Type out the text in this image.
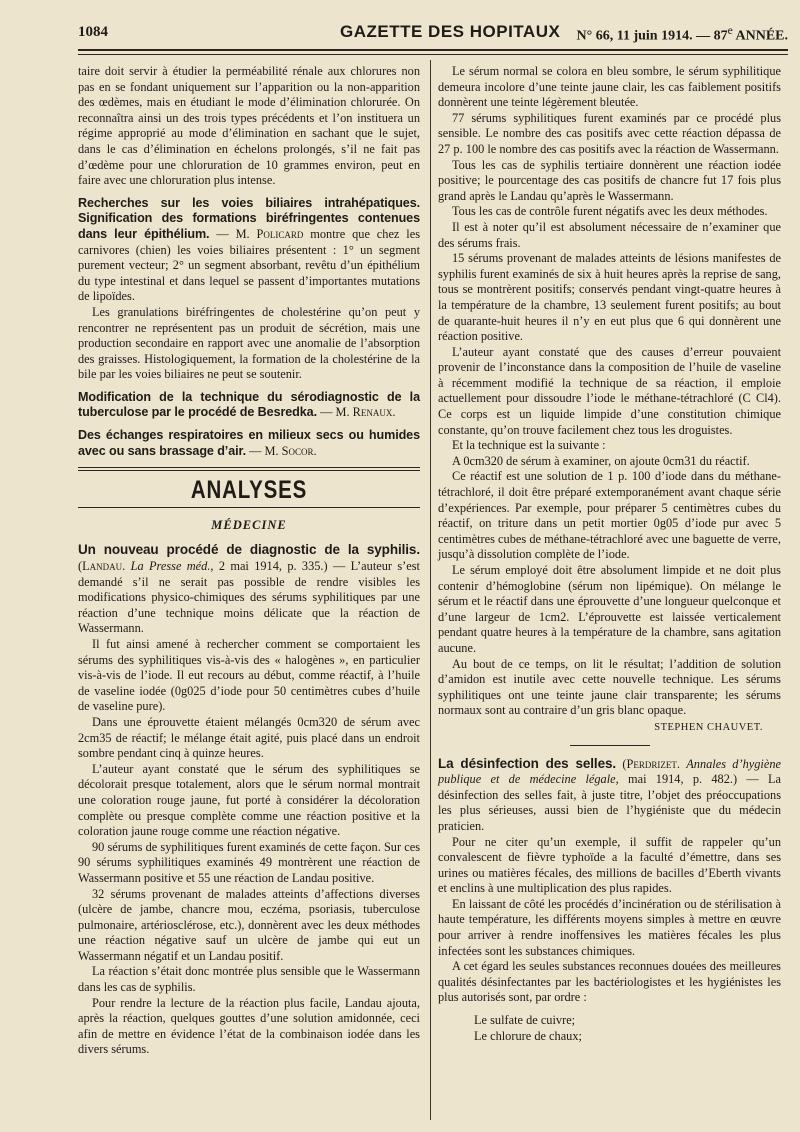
1084	GAZETTE DES HOPITAUX N° 66, 11 juin 1914. — 87e ANNÉE.

taire doit servir à étudier la perméabilité rénale aux chlorures non pas en se fondant uniquement sur l’apparition ou la non-apparition des œdèmes, mais en étudiant le mode d’élimination chlorurée. On reconnaîtra ainsi un des trois types précédents et l’on instituera un régime approprié au mode d’élimination en sachant que le sujet, dans le cas d’élimination en échelons prolongés, s’il ne fait pas d’œdème pour une chloruration de 10 grammes environ, peut en faire avec une chloruration plus intense.

Recherches sur les voies biliaires intrahépatiques. Signification des formations biréfringentes contenues dans leur épithélium. — M. Policard montre que chez les carnivores (chien) les voies biliaires présentent : 1° un segment purement vecteur; 2° un segment absorbant, revêtu d’un épithélium du type intestinal et dans lequel se passent d’importantes mutations de lipoïdes.

Les granulations biréfringentes de cholestérine qu’on peut y rencontrer ne représentent pas un produit de sécrétion, mais une production secondaire en rapport avec une anomalie de l’absorption des graisses. Histologiquement, la formation de la cholestérine de la bile par les voies biliaires ne peut se soutenir.

Modification de la technique du sérodiagnostic de la tuberculose par le procédé de Besredka. — M. Renaux.

Des échanges respiratoires en milieux secs ou humides avec ou sans brassage d’air. — M. Socor.

ANALYSES
MÉDECINE

Un nouveau procédé de diagnostic de la syphilis. (Landau. La Presse méd., 2 mai 1914, p. 335.) — L’auteur s’est demandé s’il ne serait pas possible de rendre visibles les modifications physico-chimiques des sérums syphilitiques par une réaction d’une technique moins délicate que la réaction de Wassermann.

Il fut ainsi amené à rechercher comment se comportaient les sérums des syphilitiques vis-à-vis des « halogènes », en particulier vis-à-vis de l’iode. Il eut recours au début, comme réactif, à l’huile de vaseline iodée (0g025 d’iode pour 50 centimètres cubes d’huile de vaseline pure).

Dans une éprouvette étaient mélangés 0cm320 de sérum avec 2cm35 de réactif; le mélange était agité, puis placé dans un endroit sombre pendant cinq à quinze heures.

L’auteur ayant constaté que le sérum des syphilitiques se décolorait presque totalement, alors que le sérum normal montrait une coloration rouge jaune, fut porté à considérer la décoloration complète ou presque complète comme une réaction positive et la coloration jaune rouge comme une réaction négative.

90 sérums de syphilitiques furent examinés de cette façon. Sur ces 90 sérums syphilitiques examinés 49 montrèrent une réaction de Wassermann positive et 55 une réaction de Landau positive.

32 sérums provenant de malades atteints d’affections diverses (ulcère de jambe, chancre mou, eczéma, psoriasis, tuberculose pulmonaire, artériosclérose, etc.), donnèrent avec les deux méthodes une réaction négative sauf un ulcère de jambe qui eut un Wassermann négatif et un Landau positif.

La réaction s’était donc montrée plus sensible que le Wassermann dans les cas de syphilis.

Pour rendre la lecture de la réaction plus facile, Landau ajouta, après la réaction, quelques gouttes d’une solution amidonnée, ceci afin de mettre en évidence l’état de la combinaison iodée dans les divers sérums.

Le sérum normal se colora en bleu sombre, le sérum syphilitique demeura incolore d’une teinte jaune clair, les cas faiblement positifs donnèrent une teinte légèrement bleutée.

77 sérums syphilitiques furent examinés par ce procédé plus sensible. Le nombre des cas positifs avec cette réaction dépassa de 27 p. 100 le nombre des cas positifs avec la réaction de Wassermann.

Tous les cas de syphilis tertiaire donnèrent une réaction iodée positive; le pourcentage des cas positifs de chancre fut 17 fois plus grand après le Landau qu’après le Wassermann.

Tous les cas de contrôle furent négatifs avec les deux méthodes.

Il est à noter qu’il est absolument nécessaire de n’examiner que des sérums frais.

15 sérums provenant de malades atteints de lésions manifestes de syphilis furent examinés de six à huit heures après la reprise de sang, tous se montrèrent positifs; conservés pendant vingt-quatre heures à la température de la chambre, 13 seulement furent positifs; au bout de quarante-huit heures il n’y en eut plus que 6 qui donnèrent une réaction positive.

L’auteur ayant constaté que des causes d’erreur pouvaient provenir de l’inconstance dans la composition de l’huile de vaseline à récemment modifié la technique de sa réaction, il emploie actuellement pour dissoudre l’iode le méthane-tétrachloré (C Cl4). Ce corps est un liquide limpide d’une constitution chimique constante, qu’on trouve facilement chez tous les droguistes.

Et la technique est la suivante :

A 0cm320 de sérum à examiner, on ajoute 0cm31 du réactif.

Ce réactif est une solution de 1 p. 100 d’iode dans du méthane-tétrachloré, il doit être préparé extemporanément avant chaque série d’expériences. Par exemple, pour préparer 5 centimètres cubes du réactif, on triture dans un petit mortier 0g05 d’iode pur avec 5 centimètres cubes de méthane-tétrachloré avec une baguette de verre, jusqu’à dissolution complète de l’iode.

Le sérum employé doit être absolument limpide et ne doit plus contenir d’hémoglobine (sérum non lipémique). On mélange le sérum et le réactif dans une éprouvette d’une longueur quelconque et d’une largeur de 1cm2. L’éprouvette est laissée verticalement pendant quatre heures à la température de la chambre, sans agitation aucune.

Au bout de ce temps, on lit le résultat; l’addition de solution d’amidon est inutile avec cette nouvelle technique. Les sérums syphilitiques ont une teinte jaune clair transparente; les sérums normaux sont au contraire d’un gris blanc opaque.

STEPHEN CHAUVET.

La désinfection des selles. (Perdrizet. Annales d’hygiène publique et de médecine légale, mai 1914, p. 482.) — La désinfection des selles fait, à juste titre, l’objet des préoccupations les plus sérieuses, aussi bien de l’hygiéniste que du médecin praticien.

Pour ne citer qu’un exemple, il suffit de rappeler qu’un convalescent de fièvre typhoïde a la faculté d’émettre, dans ses urines ou matières fécales, des millions de bacilles d’Eberth vivants et enclins à une multiplication des plus rapides.

En laissant de côté les procédés d’incinération ou de stérilisation à haute température, les différents moyens simples à mettre en œuvre pour arriver à rendre inoffensives les matières fécales les plus infectées sont les substances chimiques.

A cet égard les seules substances reconnues douées des meilleures qualités désinfectantes par les bactériologistes et les hygiénistes les plus autorisés sont, par ordre :

Le sulfate de cuivre;

Le chlorure de chaux;
